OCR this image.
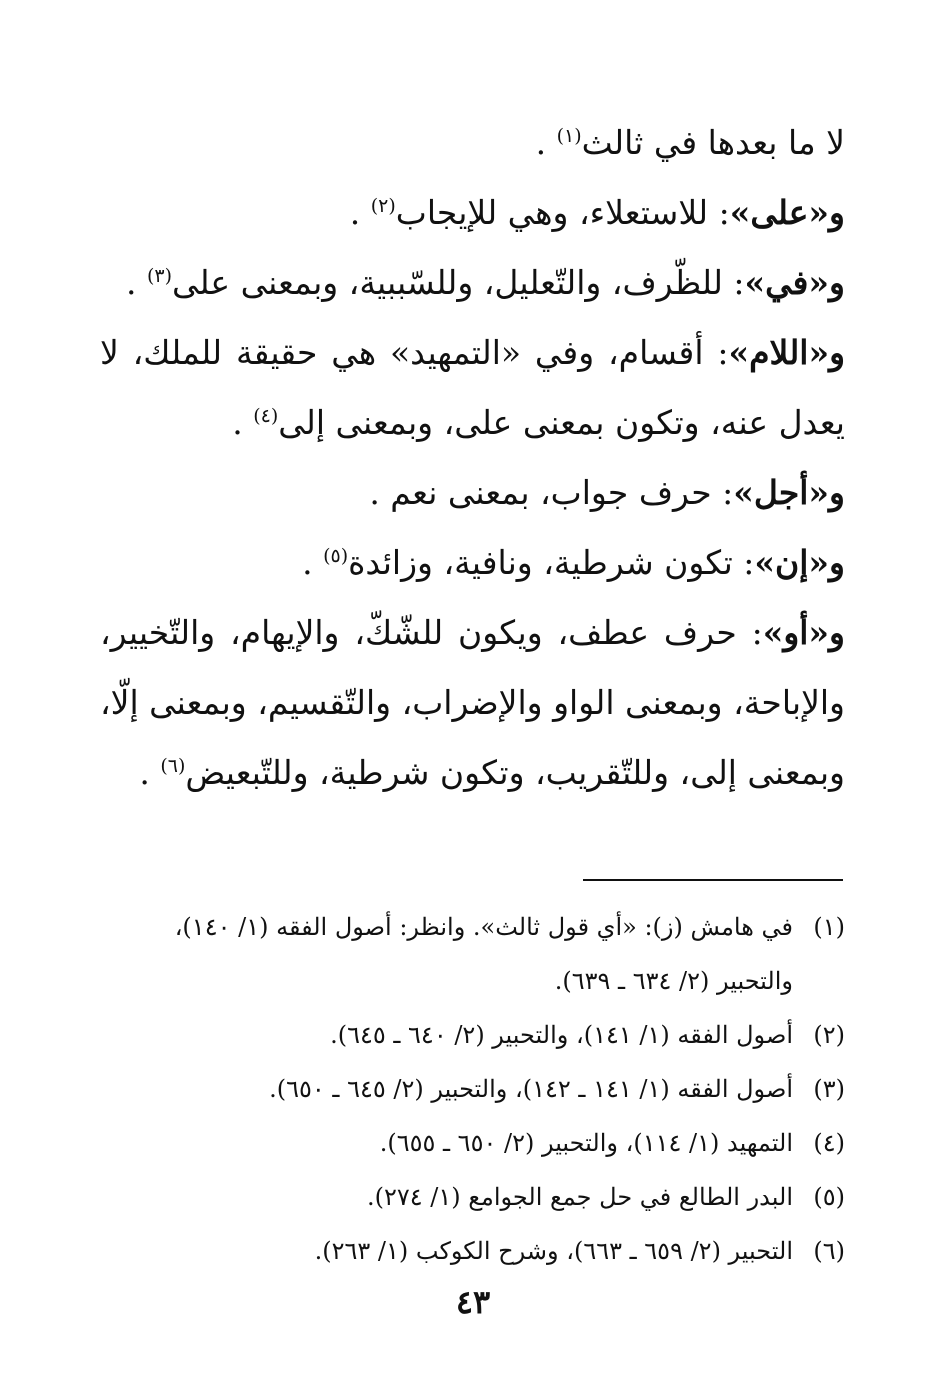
لا ما بعدها في ثالث$^{(١)}$ .

و«على»: للاستعلاء، وهي للإيجاب$^{(٢)}$ .

و«في»: للظّرف، والتّعليل، وللسّببية، وبمعنى على$^{(٣)}$ .

و«اللام»: أقسام، وفي «التمهيد» هي حقيقة للملك، لا يعدل عنه، وتكون بمعنى على، وبمعنى إلى$^{(٤)}$ .

و«أجل»: حرف جواب، بمعنى نعم .

و«إن»: تكون شرطية، ونافية، وزائدة$^{(٥)}$ .

و«أو»: حرف عطف، ويكون للشّكّ، والإيهام، والتّخيير، والإباحة، وبمعنى الواو والإضراب، والتّقسيم، وبمعنى إلّا، وبمعنى إلى، وللتّقريب، وتكون شرطية، وللتّبعيض$^{(٦)}$ .

(١)
في هامش (ز): «أي قول ثالث». وانظر: أصول الفقه (١/ ١٤٠)، والتحبير (٢/ ٦٣٤ ـ ٦٣٩).
(٢)
أصول الفقه (١/ ١٤١)، والتحبير (٢/ ٦٤٠ ـ ٦٤٥).
(٣)
أصول الفقه (١/ ١٤١ ـ ١٤٢)، والتحبير (٢/ ٦٤٥ ـ ٦٥٠).
(٤)
التمهيد (١/ ١١٤)، والتحبير (٢/ ٦٥٠ ـ ٦٥٥).
(٥)
البدر الطالع في حل جمع الجوامع (١/ ٢٧٤).
(٦)
التحبير (٢/ ٦٥٩ ـ ٦٦٣)، وشرح الكوكب (١/ ٢٦٣).
٤٣
